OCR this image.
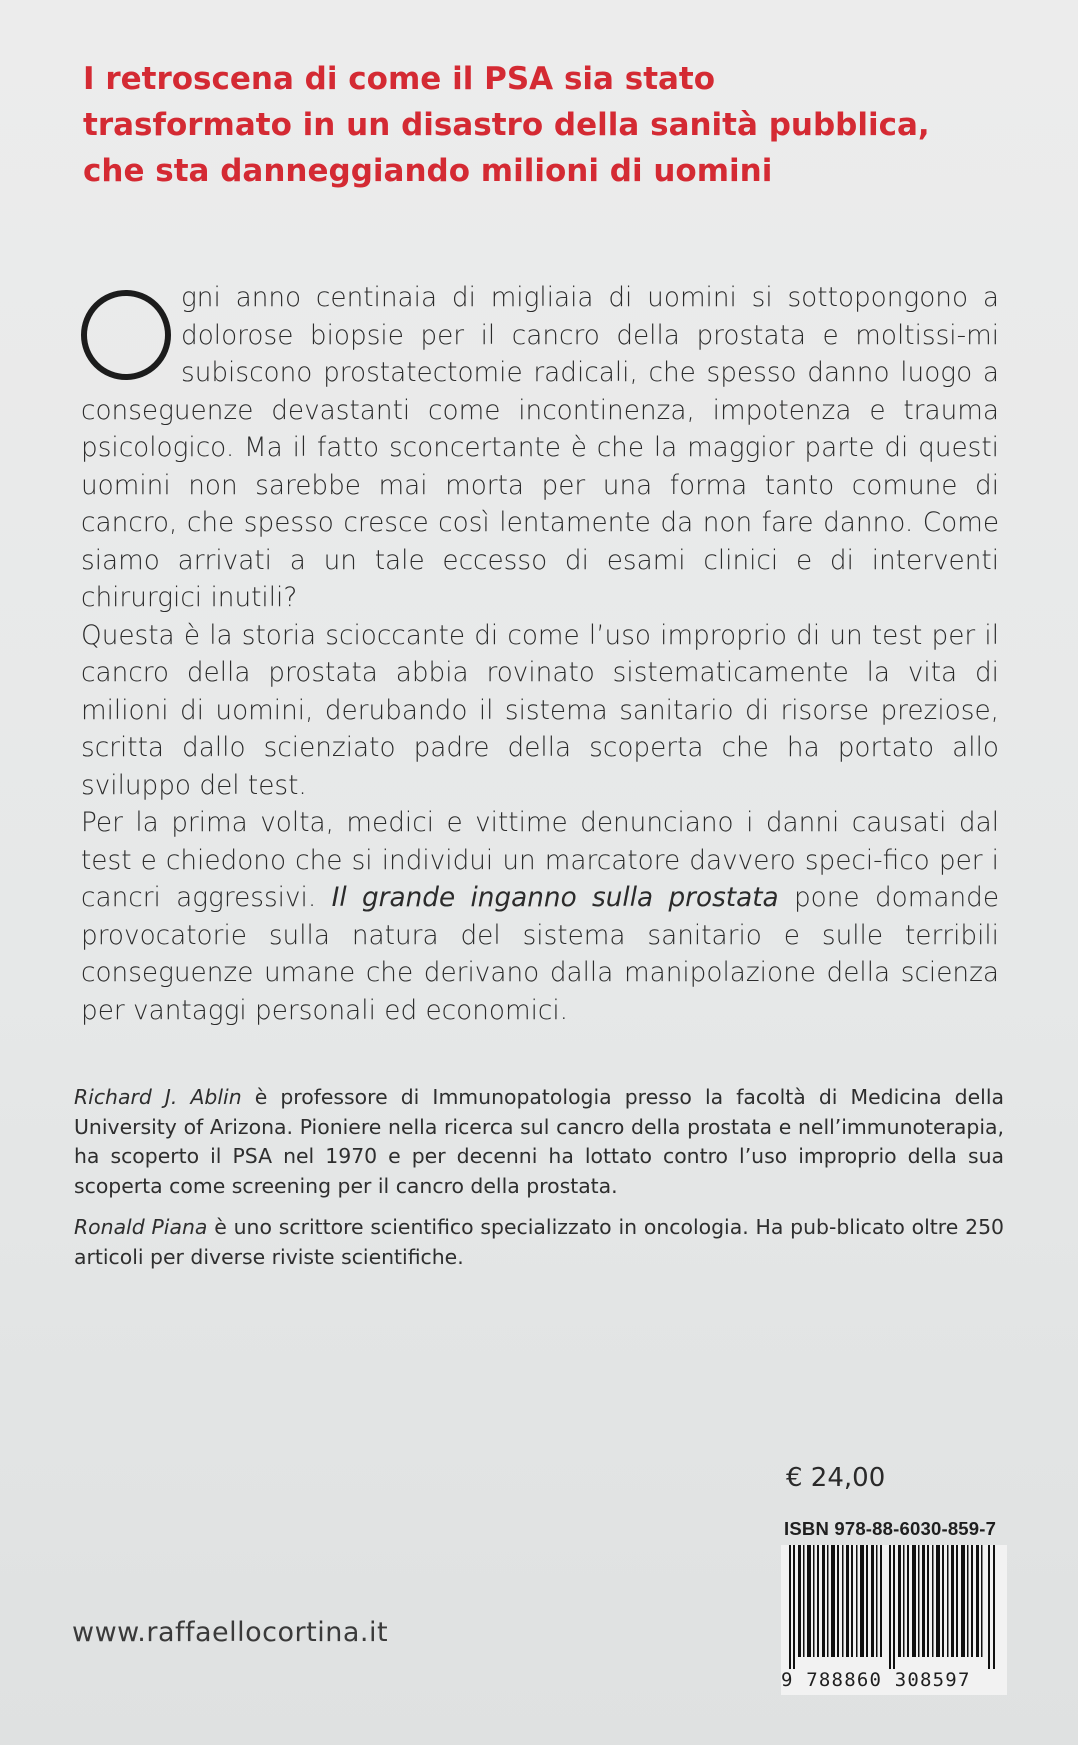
I retroscena di come il PSA sia stato
trasformato in un disastro della sanità pubblica,
che sta danneggiando milioni di uomini

gni anno centinaia di migliaia di uomini si sottopongono a dolorose biopsie per il cancro della prostata e moltissi-mi subiscono prostatectomie radicali, che spesso danno luogo a conseguenze devastanti come incontinenza, impotenza e trauma psicologico. Ma il fatto sconcertante è che la maggior parte di questi uomini non sarebbe mai morta per una forma tanto comune di cancro, che spesso cresce così lentamente da non fare danno. Come siamo arrivati a un tale eccesso di esami clinici e di interventi chirurgici inutili?

Questa è la storia scioccante di come l’uso improprio di un test per il cancro della prostata abbia rovinato sistematicamente la vita di milioni di uomini, derubando il sistema sanitario di risorse preziose, scritta dallo scienziato padre della scoperta che ha portato allo sviluppo del test.

Per la prima volta, medici e vittime denunciano i danni causati dal test e chiedono che si individui un marcatore davvero speci-fico per i cancri aggressivi. Il grande inganno sulla prostata pone domande provocatorie sulla natura del sistema sanitario e sulle terribili conseguenze umane che derivano dalla manipolazione della scienza per vantaggi personali ed economici.

Richard J. Ablin è professore di Immunopatologia presso la facoltà di Medicina della University of Arizona. Pioniere nella ricerca sul cancro della prostata e nell’immunoterapia, ha scoperto il PSA nel 1970 e per decenni ha lottato contro l’uso improprio della sua scoperta come screening per il cancro della prostata.

Ronald Piana è uno scrittore scientifico specializzato in oncologia. Ha pub-blicato oltre 250 articoli per diverse riviste scientifiche.

€ 24,00
ISBN 978-88-6030-859-7
9 788860 308597
www.raffaellocortina.it
